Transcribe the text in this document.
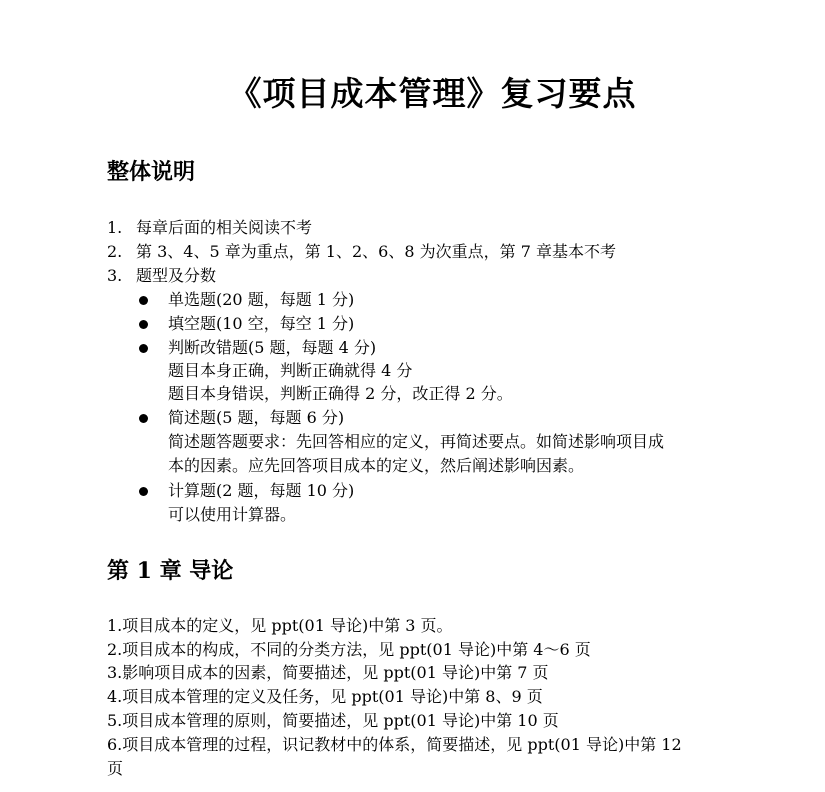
《项目成本管理》复习要点
整体说明
1. 每章后面的相关阅读不考
2. 第 3、4、5 章为重点，第 1、2、6、8 为次重点，第 7 章基本不考
3. 题型及分数
单选题(20 题，每题 1 分)
填空题(10 空，每空 1 分)
判断改错题(5 题，每题 4 分)
题目本身正确，判断正确就得 4 分
题目本身错误，判断正确得 2 分，改正得 2 分。
简述题(5 题，每题 6 分)
简述题答题要求：先回答相应的定义，再简述要点。如简述影响项目成
本的因素。应先回答项目成本的定义，然后阐述影响因素。
计算题(2 题，每题 10 分)
可以使用计算器。
第 1 章 导论
1.项目成本的定义，见 ppt(01 导论)中第 3 页。
2.项目成本的构成，不同的分类方法，见 ppt(01 导论)中第 4～6 页
3.影响项目成本的因素，简要描述，见 ppt(01 导论)中第 7 页
4.项目成本管理的定义及任务，见 ppt(01 导论)中第 8、9 页
5.项目成本管理的原则，简要描述，见 ppt(01 导论)中第 10 页
6.项目成本管理的过程，识记教材中的体系，简要描述，见 ppt(01 导论)中第 12
页
